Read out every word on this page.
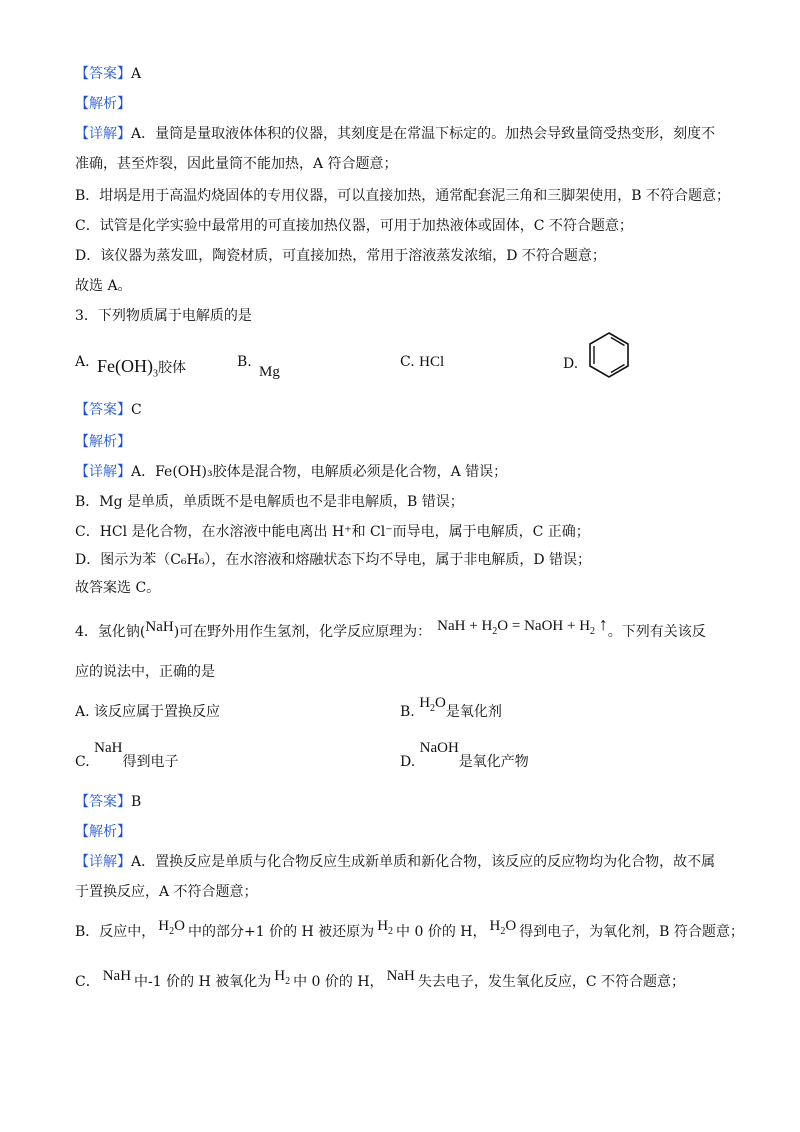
【答案】A
【解析】
【详解】A．量筒是量取液体体积的仪器，其刻度是在常温下标定的。加热会导致量筒受热变形，刻度不
准确，甚至炸裂，因此量筒不能加热，A 符合题意；
B．坩埚是用于高温灼烧固体的专用仪器，可以直接加热，通常配套泥三角和三脚架使用，B 不符合题意；
C．试管是化学实验中最常用的可直接加热仪器，可用于加热液体或固体，C 不符合题意；
D．该仪器为蒸发皿，陶瓷材质，可直接加热，常用于溶液蒸发浓缩，D 不符合题意；
故选 A。
3．下列物质属于电解质的是
A. $Fe(OH)_3$胶体	B.
Mg
C. HCl	D.
【答案】C
【解析】
【详解】A．Fe(OH)₃胶体是混合物，电解质必须是化合物，A 错误；
B．Mg 是单质，单质既不是电解质也不是非电解质，B 错误；
C．HCl 是化合物，在水溶液中能电离出 H⁺和 Cl⁻而导电，属于电解质，C 正确；
D．图示为苯（C₆H₆），在水溶液和熔融状态下均不导电，属于非电解质，D 错误；
故答案选 C。
4．氢化钠(NaH)可在野外用作生氢剂，化学反应原理为： NaH + $H_2O$ = NaOH + $H_2$ ↑。下列有关该反
应的说法中，正确的是
A. 该反应属于置换反应	B. $H_2O$是氧化剂
C. NaH得到电子	D. NaOH是氧化产物
【答案】B
【解析】
【详解】A．置换反应是单质与化合物反应生成新单质和新化合物，该反应的反应物均为化合物，故不属
于置换反应，A 不符合题意；
B．反应中， $H_2O$ 中的部分+1 价的 H 被还原为 $H_2$ 中 0 价的 H， $H_2O$ 得到电子，为氧化剂，B 符合题意；
C． NaH 中-1 价的 H 被氧化为 $H_2$ 中 0 价的 H， NaH 失去电子，发生氧化反应，C 不符合题意；
